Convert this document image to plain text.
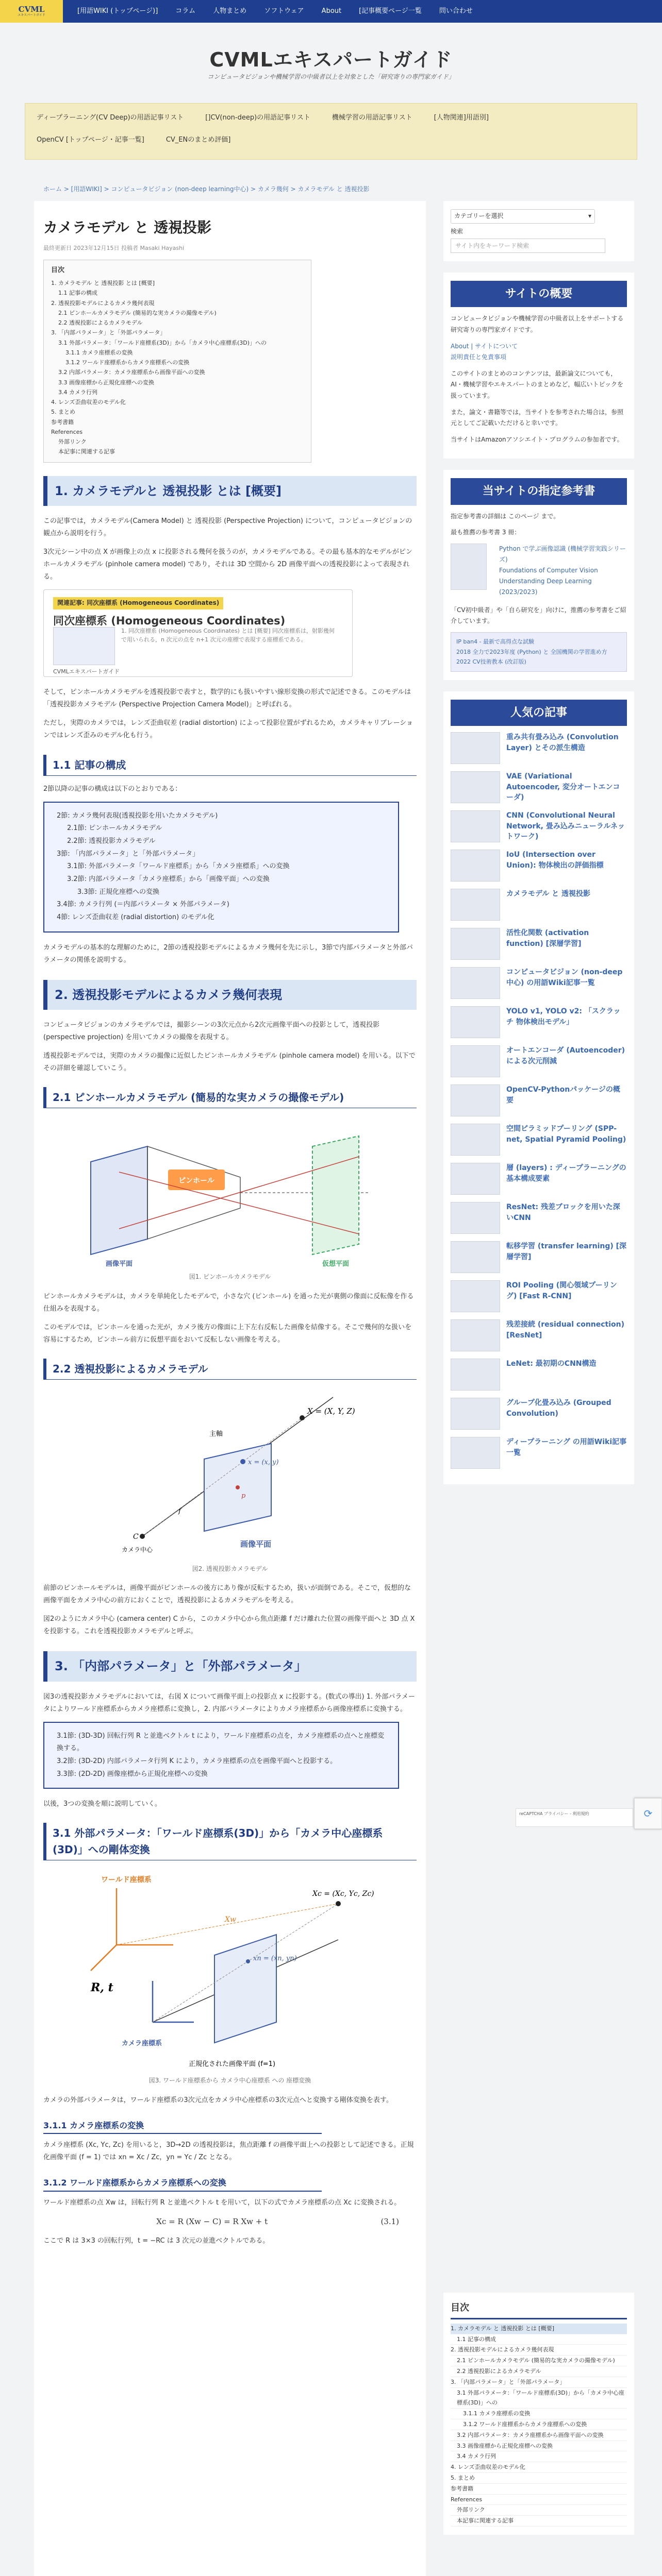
CVML
エキスパートガイド
[用語WIKI (トップページ)]	コラム	人物まとめ	ソフトウェア	About	[記事概要ページ一覧	問い合わせ
CVMLエキスパートガイド
コンピュータビジョンや機械学習の中級者以上を対象とした「研究寄りの専門家ガイド」
ディープラーニング(CV Deep)の用語記事リスト	[]CV(non-deep)の用語記事リスト	機械学習の用語記事リスト	[人物関連]用語別]
OpenCV [トップページ・記事一覧]	CV_ENのまとめ評価]
ホーム > [用語WIKI] > コンピュータビジョン (non-deep learning中心) > カメラ幾何 > カメラモデル と 透視投影
カメラモデル と 透視投影
最終更新日 2023年12月15日 投稿者 Masaki Hayashi
目次
1. カメラモデル と 透視投影 とは [概要]
1.1 記事の構成
2. 透視投影モデルによるカメラ幾何表現
2.1 ピンホールカメラモデル (簡易的な実カメラの撮像モデル)
2.2 透視投影によるカメラモデル
3. 「内部パラメータ」と「外部パラメータ」
3.1 外部パラメータ：「ワールド座標系(3D)」から「カメラ中心座標系(3D)」への
3.1.1 カメラ座標系の変換
3.1.2 ワールド座標系からカメラ座標系への変換
3.2 内部パラメータ：カメラ座標系から画像平面への変換
3.3 画像座標から正規化座標への変換
3.4 カメラ行列
4. レンズ歪曲収差のモデル化
5. まとめ
参考書籍
References
外部リンク
本記事に関連する記事
1. カメラモデルと 透視投影 とは [概要]

この記事では，カメラモデル(Camera Model) と 透視投影 (Perspective Projection) について，コンピュータビジョンの観点から説明を行う。

3次元シーン中の点 X が画像上の点 x に投影される幾何を扱うのが，カメラモデルである。その最も基本的なモデルがピンホールカメラモデル (pinhole camera model) であり，それは 3D 空間から 2D 画像平面への透視投影によって表現される。

関連記事: 同次座標系 (Homogeneous Coordinates)
同次座標系 (Homogeneous Coordinates)
1. 同次座標系 (Homogeneous Coordinates) とは [概要] 同次座標系は，射影幾何で用いられる，n 次元の点を n+1 次元の座標で表現する座標系である。
CVMLエキスパートガイド

そして，ピンホールカメラモデルを透視投影で表すと，数学的にも扱いやすい線形変換の形式で記述できる。このモデルは「透視投影カメラモデル (Perspective Projection Camera Model)」と呼ばれる。

ただし，実際のカメラでは，レンズ歪曲収差 (radial distortion) によって投影位置がずれるため，カメラキャリブレーションではレンズ歪みのモデル化も行う。

1.1 記事の構成

2節以降の記事の構成は以下のとおりである：

2節: カメラ幾何表現(透視投影を用いたカメラモデル)
2.1節: ピンホールカメラモデル
2.2節: 透視投影カメラモデル
3節: 「内部パラメータ」と「外部パラメータ」
3.1節: 外部パラメータ「ワールド座標系」から「カメラ座標系」への変換
3.2節: 内部パラメータ「カメラ座標系」から「画像平面」への変換
3.3節: 正規化座標への変換
3.4節: カメラ行列 (＝内部パラメータ × 外部パラメータ)
4節: レンズ歪曲収差 (radial distortion) のモデル化

カメラモデルの基本的な理解のために，2節の透視投影モデルによるカメラ幾何を先に示し，3節で内部パラメータと外部パラメータの関係を説明する。

2. 透視投影モデルによるカメラ幾何表現

コンピュータビジョンのカメラモデルでは，撮影シーンの3次元点から2次元画像平面への投影として，透視投影 (perspective projection) を用いてカメラの撮像を表現する。

透視投影モデルでは，実際のカメラの撮像に近似したピンホールカメラモデル (pinhole camera model) を用いる。以下でその詳細を確認していこう。

2.1 ピンホールカメラモデル (簡易的な実カメラの撮像モデル)
ピンホール
画像平面	仮想平面
図1. ピンホールカメラモデル

ピンホールカメラモデルは，カメラを単純化したモデルで，小さな穴 (ピンホール) を通った光が裏側の像面に反転像を作る仕組みを表現する。

このモデルでは，ピンホールを通った光が，カメラ後方の像面に上下左右反転した画像を結像する。そこで幾何的な扱いを容易にするため，ピンホール前方に仮想平面をおいて反転しない画像を考える。

2.2 透視投影によるカメラモデル
X = (X, Y, Z)
主軸
x = (x, y)
p
f
C
カメラ中心
画像平面
図2. 透視投影カメラモデル

前節のピンホールモデルは，画像平面がピンホールの後方にあり像が反転するため，扱いが面倒である。そこで，仮想的な画像平面をカメラ中心の前方におくことで，透視投影によるカメラモデルを考える。

図2のようにカメラ中心 (camera center) C から，このカメラ中心から焦点距離 f だけ離れた位置の画像平面へと 3D 点 X を投影する。これを透視投影カメラモデルと呼ぶ。

3. 「内部パラメータ」と「外部パラメータ」

図3の透視投影カメラモデルにおいては，右図 X について画像平面上の投影点 x に投影する。(数式の導出) 1. 外部パラメータによりワールド座標系からカメラ座標系に変換し，2. 内部パラメータによりカメラ座標系から画像座標系に変換する。

3.1節: (3D-3D) 回転行列 R と並進ベクトル t により，ワールド座標系の点を，カメラ座標系の点へと座標変換する。
3.2節: (3D-2D) 内部パラメータ行列 K により，カメラ座標系の点を画像平面へと投影する。
3.3節: (2D-2D) 画像座標から正規化座標への変換

以後，3つの変換を順に説明していく。

3.1 外部パラメータ：「ワールド座標系(3D)」から「カメラ中心座標系(3D)」への剛体変換
ワールド座標系
R, t
カメラ座標系
Xc = (Xc, Yc, Zc)
Xw
xn = (xn, yn)
正規化された画像平面 (f=1)
図3. ワールド座標系から カメラ中心座標系 への 座標変換

カメラの外部パラメータは，ワールド座標系の3次元点をカメラ中心座標系の3次元点へと変換する剛体変換を表す。

3.1.1 カメラ座標系の変換

カメラ座標系 (Xc, Yc, Zc) を用いると，3D→2D の透視投影は，焦点距離 f の画像平面上への投影として記述できる。正規化画像平面 (f = 1) では xn = Xc / Zc，yn = Yc / Zc となる。

3.1.2 ワールド座標系からカメラ座標系への変換

ワールド座標系の点 Xw は，回転行列 R と並進ベクトル t を用いて，以下の式でカメラ座標系の点 Xc に変換される。

Xc = R (Xw − C) = R Xw + t	(3.1)

ここで R は 3×3 の回転行列，t = −RC は 3 次元の並進ベクトルである。

カテゴリーを選択	▾
検索
サイト内をキーワード検索
サイトの概要
コンピュータビジョンや機械学習の中級者以上をサポートする研究寄りの専門家ガイドです。
About | サイトについて
説明責任と免責事項
このサイトのまとめのコンテンツは，最新論文についても，AI・機械学習やエキスパートのまとめなど，幅広いトピックを扱っています。
また，論文・書籍等では，当サイトを参考された場合は，参照元としてご記載いただけると幸いです。
当サイトはAmazonアソシエイト・プログラムの参加者です。
当サイトの指定参考書
指定参考書の詳細は このページ まで。
最も推薦の参考書 3 冊：
Python で学ぶ画像認識 (機械学習実践シリーズ)
Foundations of Computer Vision
Understanding Deep Learning (2023/2023)
「CV初中級者」や「自ら研究を」向けに，推薦の参考書をご紹介しています。
IP ban4 - 最新で高得点な試験
2018 全力で2023年度 (Python) と 全国機関の学習進め方
2022 CV技術教本 (改訂版)
人気の記事
重み共有畳み込み (Convolution Layer) とその派生構造
VAE (Variational Autoencoder, 変分オートエンコーダ)
CNN (Convolutional Neural Network, 畳み込みニューラルネットワーク)
IoU (Intersection over Union): 物体検出の評価指標
カメラモデル と 透視投影
活性化関数 (activation function) [深層学習]
コンピュータビジョン (non-deep 中心) の用語Wiki記事一覧
YOLO v1, YOLO v2: 「スクラッチ 物体検出モデル」
オートエンコーダ (Autoencoder) による次元削減
OpenCV-Pythonパッケージの概要
空間ピラミッドプーリング (SPP-net, Spatial Pyramid Pooling)
層 (layers) : ディープラーニングの基本構成要素
ResNet: 残差ブロックを用いた深いCNN
転移学習 (transfer learning) [深層学習]
ROI Pooling (関心領域プーリング) [Fast R-CNN]
残差接続 (residual connection) [ResNet]
LeNet: 最初期のCNN構造
グループ化畳み込み (Grouped Convolution)
ディープラーニング の用語Wiki記事一覧
目次
1. カメラモデル と 透視投影 とは [概要]
1.1 記事の構成
2. 透視投影モデルによるカメラ幾何表現
2.1 ピンホールカメラモデル (簡易的な実カメラの撮像モデル)
2.2 透視投影によるカメラモデル
3. 「内部パラメータ」と「外部パラメータ」
3.1 外部パラメータ：「ワールド座標系(3D)」から「カメラ中心座標系(3D)」への
3.1.1 カメラ座標系の変換
3.1.2 ワールド座標系からカメラ座標系への変換
3.2 内部パラメータ：カメラ座標系から画像平面への変換
3.3 画像座標から正規化座標への変換
3.4 カメラ行列
4. レンズ歪曲収差のモデル化
5. まとめ
参考書籍
References
外部リンク
本記事に関連する記事
reCAPTCHA プライバシー - 利用規約	⟳
